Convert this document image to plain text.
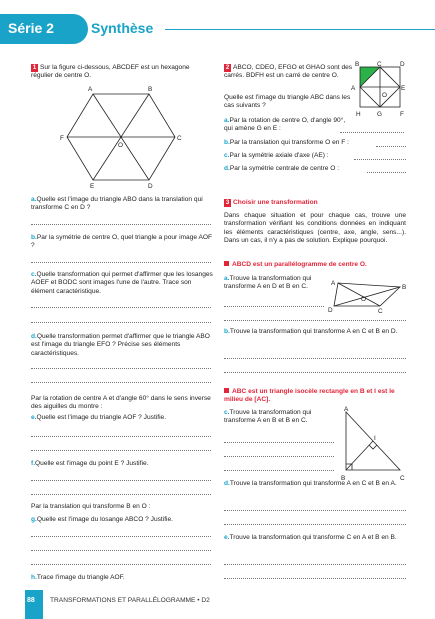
Série 2	Synthèse
1 Sur la figure ci-dessous, ABCDEF est un hexagone régulier de centre O.
A	B
C
D
E
F
O
a.Quelle est l'image du triangle ABO dans la translation qui transforme C en D ?
b.Par la symétrie de centre O, quel triangle a pour image AOF ?
c.Quelle transformation qui permet d'affirmer que les losanges AOEF et BODC sont images l'une de l'autre. Trace son élément caractéristique.
d.Quelle transformation permet d'affirmer que le triangle ABO est l'image du triangle EFO ? Précise ses éléments caractéristiques.
Par la rotation de centre A et d'angle 60° dans le sens inverse des aiguilles du montre :
e.Quelle est l'image du triangle AOF ? Justifie.
f.Quelle est l'image du point E ? Justifie.
Par la translation qui transforme B en O :
g.Quelle est l'image du losange ABCO ? Justifie.
h.Trace l'image du triangle AOF.
2 ABCO, CDEO, EFGO et GHAO sont des carrés. BDFH est un carré de centre O.
Quelle est l'image du triangle ABC dans les cas suivants ?
B	C	D
A	E
O
H	G	F
a.Par la rotation de centre O, d'angle 90°, qui amène G en E :
b.Par la translation qui transforme O en F :
c.Par la symétrie axiale d'axe (AE) :
d.Par la symétrie centrale de centre O :
3 Choisir une transformation
Dans chaque situation et pour chaque cas, trouve une transformation vérifiant les conditions données en indiquant les éléments caractéristiques (centre, axe, angle, sens...). Dans un cas, il n'y a pas de solution. Explique pourquoi.
ABCD est un parallélogramme de centre O.
a.Trouve la transformation qui transforme A en D et B en C.	A
B
C
D
O
b.Trouve la transformation qui transforme A en C et B en D.
ABC est un triangle isocèle rectangle en B et I est le milieu de [AC].
c.Trouve la transformation qui transforme A en B et B en C.
A
B	C
I
d.Trouve la transformation qui transforme A en C et B en A.
e.Trouve la transformation qui transforme C en A et B en B.
88 TRANSFORMATIONS ET PARALLÉLOGRAMME • D2
